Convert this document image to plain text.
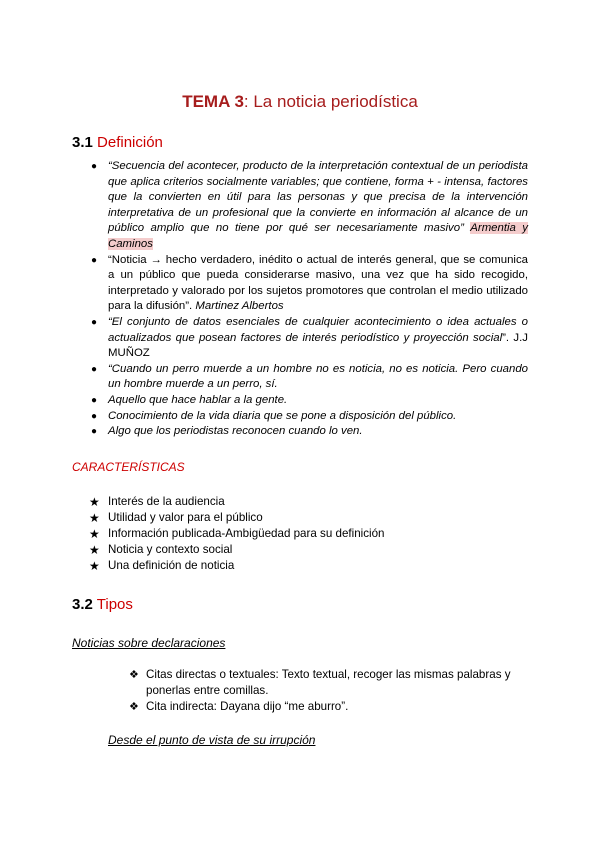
TEMA 3: La noticia periodística
3.1 Definición
● “Secuencia del acontecer, producto de la interpretación contextual de un periodista que aplica criterios socialmente variables; que contiene, forma + - intensa, factores que la convierten en útil para las personas y que precisa de la intervención interpretativa de un profesional que la convierte en información al alcance de un público amplio que no tiene por qué ser necesariamente masivo” Armentia y Caminos
● “Noticia → hecho verdadero, inédito o actual de interés general, que se comunica a un público que pueda considerarse masivo, una vez que ha sido recogido, interpretado y valorado por los sujetos promotores que controlan el medio utilizado para la difusión”. Martinez Albertos
● “El conjunto de datos esenciales de cualquier acontecimiento o idea actuales o actualizados que posean factores de interés periodístico y proyección social”. J.J MUÑOZ
● “Cuando un perro muerde a un hombre no es noticia, no es noticia. Pero cuando un hombre muerde a un perro, sí.
● Aquello que hace hablar a la gente.
● Conocimiento de la vida diaria que se pone a disposición del público.
● Algo que los periodistas reconocen cuando lo ven.
CARACTERÍSTICAS
★ Interés de la audiencia
★ Utilidad y valor para el público
★ Información publicada-Ambigüedad para su definición
★ Noticia y contexto social
★ Una definición de noticia
3.2 Tipos
Noticias sobre declaraciones
❖ Citas directas o textuales: Texto textual, recoger las mismas palabras y ponerlas entre comillas.
❖ Cita indirecta: Dayana dijo “me aburro”.
Desde el punto de vista de su irrupción
